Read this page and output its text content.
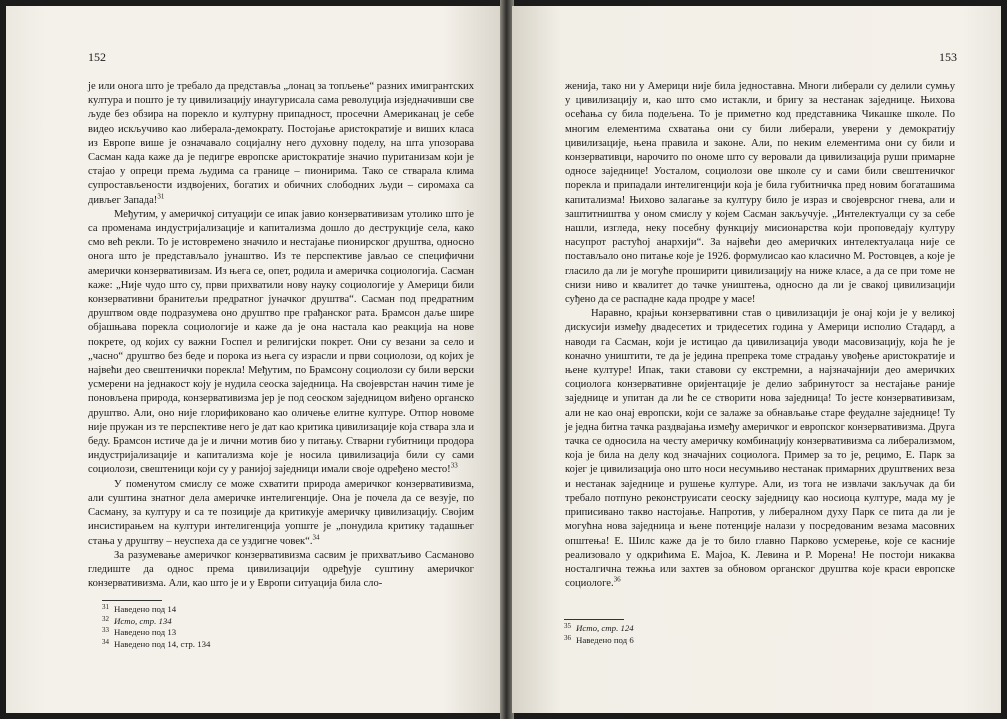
152

је или онога што је требало да представља „лонац за топљење“ разних имигрантских култура и пошто је ту цивилизацију инаугурисала сама револуција изједначивши све људе без обзира на порекло и културну припадност, просечни Американац је себе видео искључиво као либерала-демократу. Постојање аристократије и виших класа из Европе више је означавало социјалну него духовну поделу, на шта упозорава Сасман када каже да је педигре европске аристократије значио пуританизам који је стајао у опреци према људима са границе – пионирима. Тако се стварала клима супростављености издвојених, богатих и обичних слободних људи – сиромаха са дивљег Запада!$^{31}$

Међутим, у америчкој ситуацији се ипак јавио конзервативизам утолико што је са променама индустријализације и капитализма дошло до деструкције села, како смо већ рекли. То је истовремено значило и нестајање пионирског друштва, односно онога што је представљало јунаштво. Из те перспективе јављао се специфични амерички конзервативизам. Из њега се, опет, родила и америчка социологија. Сасман каже: „Није чудо што су, први прихватили нову науку социологије у Америци били конзервативни бранитељи предратног јуначког друштва“. Сасман под предратним друштвом овде подразумева оно друштво пре грађанског рата. Брамсон даље шире објашњава порекла социологије и каже да је она настала као реакција на нове покрете, од којих су важни Госпел и религијски покрет. Они су везани за село и „часно“ друштво без беде и порока из њега су израсли и први социолози, од којих је највећи део свештенички порекла! Међутим, по Брамсону социолози су били верски усмерени на једнакост коју је нудила сеоска заједница. На својеврстан начин тиме је поновљена природа, конзервативизма јер је под сеоском заједницом виђено органско друштво. Али, оно није глорификовано као оличење елитне културе. Отпор новоме није пружан из те перспективе него је дат као критика цивилизације која ствара зла и беду. Брамсон истиче да је и лични мотив био у питању. Стварни губитници продора индустријализације и капитализма које је носила цивилизација били су сами социолози, свештеници који су у ранијој заједници имали своје одређено место!$^{33}$

У поменутом смислу се може схватити природа америчког конзервативизма, али суштина знатног дела америчке интелигенције. Она је почела да се везује, по Сасману, за културу и са те позиције да критикује америчку цивилизацију. Својим инсистирањем на култури интелигенција уопште је „понудила критику тадашњег стања у друштву – неуспеха да се уздигне човек“.$^{34}$

За разумевање америчког конзервативизма сасвим је прихватљиво Сасманово гледиште да однос према цивилизацији одређује суштину америчког конзервативизма. Али, као што је и у Европи ситуација била сло-

31 Наведено под 14

32 Исто, стр. 134

33 Наведено под 13

34 Наведено под 14, стр. 134

153

жениja, тако ни у Америци није била једноставна. Многи либерали су делили сумњу у цивилизацију и, као што смо истакли, и бригу за нестанак заједнице. Њихова осећања су била подељена. То је приметно код представника Чикашке школе. По многим елементима схватања они су били либерали, уверени у демократију цивилизације, њена правила и законе. Али, по неким елементима они су били и конзервативци, нарочито по ономе што су веровали да цивилизација руши примарне односе заједнице! Уосталом, социолози ове школе су и сами били свештеничког порекла и припадали интелигенцији која је била губитничка пред новим богаташима капитализма! Њихово залагање за културу било је израз и својеврсног гнева, али и заштитништва у оном смислу у којем Сасман закључује. „Интелектуалци су за себе нашли, изгледа, неку посебну функцију мисионарства који проповедају културу насупрот растућој анархији“. За највећи део америчких интелектуалаца није се постављало оно питање које је 1926. формулисао као класично М. Ростовцев, а које је гласило да ли је могуће проширити цивилизацију на ниже класе, а да се при томе не снизи ниво и квалитет до тачке уништења, односно да ли је свакој цивилизацији суђено да се распадне када продре у масе!

Наравно, крајњи конзервативни став о цивилизацији је онај који је у великој дискусији између двадесетих и тридесетих година у Америци исполио Стадард, а наводи га Сасман, који је истицао да цивилизација уводи масовизацију, која ће је коначно уништити, те да је једина препрека томе страдању увођење аристократије и њене културе! Ипак, таки ставови су екстремни, а најзначајнији део америчких социолога конзервативне оријентације је делио забринутост за нестајање раније заједнице и упитан да ли ће се створити нова заједница! То јесте конзервативизам, али не као онај европски, који се залаже за обнављање старе феудалне заједнице! Ту је једна битна тачка раздвајања између америчког и европског конзервативизма. Друга тачка се односила на честу америчку комбинацију конзервативизма са либерализмом, која је била на делу код значајних социолога. Пример за то је, рецимо, Е. Парк за којег је цивилизација оно што носи несумњиво нестанак примарних друштвених веза и нестанак заједнице и рушење културе. Али, из тога не извлачи закључак да би требало потпуно реконструисати сеоску заједницу као носиоца културе, мада му је приписивано такво настојање. Напротив, у либералном духу Парк се пита да ли је могућна нова заједница и њене потенције налази у посредованим везама масовних општења! Е. Шилс каже да је то било главно Парково усмерење, које се касније реализовало у одкрићима Е. Мајоа, К. Левина и Р. Морена! Не постоји никаква носталгична тежња или захтев за обновом органског друштва које краси европске социологе.$^{36}$

35 Исто, стр. 124

36 Наведено под 6
